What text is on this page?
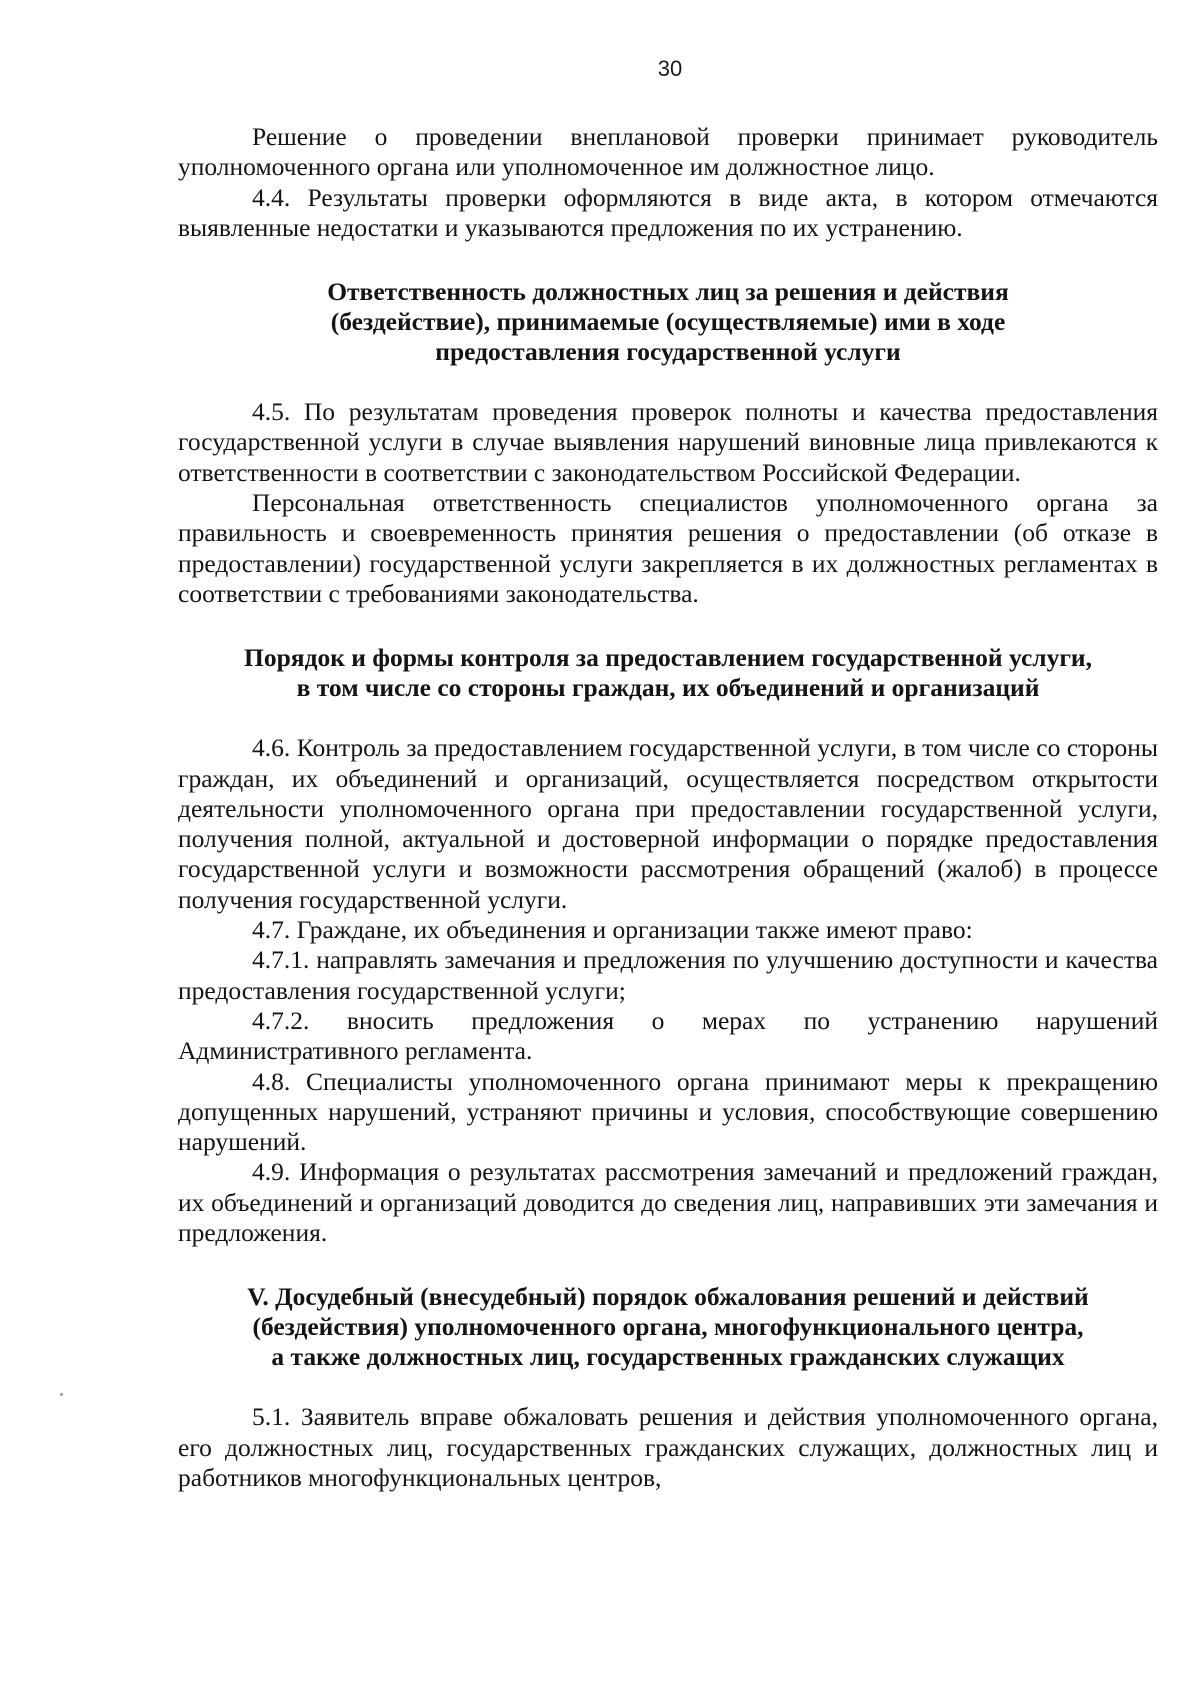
30

Решение о проведении внеплановой проверки принимает руководитель уполномоченного органа или уполномоченное им должностное лицо.

4.4. Результаты проверки оформляются в виде акта, в котором отмечаются выявленные недостатки и указываются предложения по их устранению.

Ответственность должностных лиц за решения и действия
(бездействие), принимаемые (осуществляемые) ими в ходе
предоставления государственной услуги

4.5. По результатам проведения проверок полноты и качества предоставления государственной услуги в случае выявления нарушений виновные лица привлекаются к ответственности в соответствии с законодательством Российской Федерации.

Персональная ответственность специалистов уполномоченного органа за правильность и своевременность принятия решения о предоставлении (об отказе в предоставлении) государственной услуги закрепляется в их должностных регламентах в соответствии с требованиями законодательства.

Порядок и формы контроля за предоставлением государственной услуги,
в том числе со стороны граждан, их объединений и организаций

4.6. Контроль за предоставлением государственной услуги, в том числе со стороны граждан, их объединений и организаций, осуществляется посредством открытости деятельности уполномоченного органа при предоставлении государственной услуги, получения полной, актуальной и достоверной информации о порядке предоставления государственной услуги и возможности рассмотрения обращений (жалоб) в процессе получения государственной услуги.

4.7. Граждане, их объединения и организации также имеют право:

4.7.1. направлять замечания и предложения по улучшению доступности и качества предоставления государственной услуги;

4.7.2. вносить предложения о мерах по устранению нарушений Административного регламента.

4.8. Специалисты уполномоченного органа принимают меры к прекращению допущенных нарушений, устраняют причины и условия, способствующие совершению нарушений.

4.9. Информация о результатах рассмотрения замечаний и предложений граждан, их объединений и организаций доводится до сведения лиц, направивших эти замечания и предложения.

V. Досудебный (внесудебный) порядок обжалования решений и действий
(бездействия) уполномоченного органа, многофункционального центра,
а также должностных лиц, государственных гражданских служащих

5.1. Заявитель вправе обжаловать решения и действия уполномоченного органа, его должностных лиц, государственных гражданских служащих, должностных лиц и работников многофункциональных центров,
